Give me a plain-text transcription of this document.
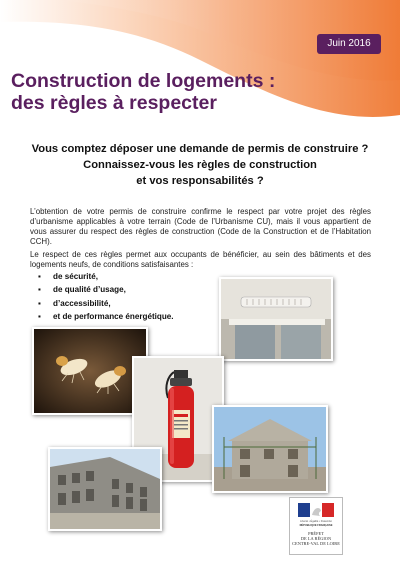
Juin 2016
Construction de logements :
des règles à respecter
Vous comptez déposer une demande de permis de construire ?
Connaissez-vous les règles de construction
et vos responsabilités ?

L’obtention de votre permis de construire confirme le respect par votre projet des règles d’urbanisme applicables à votre terrain (Code de l’Urbanisme CU), mais il vous appartient de vous assurer du respect des règles de construction (Code de la Construction et de l’Habitation CCH).

Le respect de ces règles permet aux occupants de bénéficier, au sein des bâtiments et des logements neufs, de conditions satisfaisantes :

▪ de sécurité,
▪ de qualité d’usage,
▪ d’accessibilité,
▪ et de performance énergétique.
Liberté • Égalité • Fraternité
RÉPUBLIQUE FRANÇAISE
PRÉFET
DE LA RÉGION
CENTRE-VAL DE LOIRE
